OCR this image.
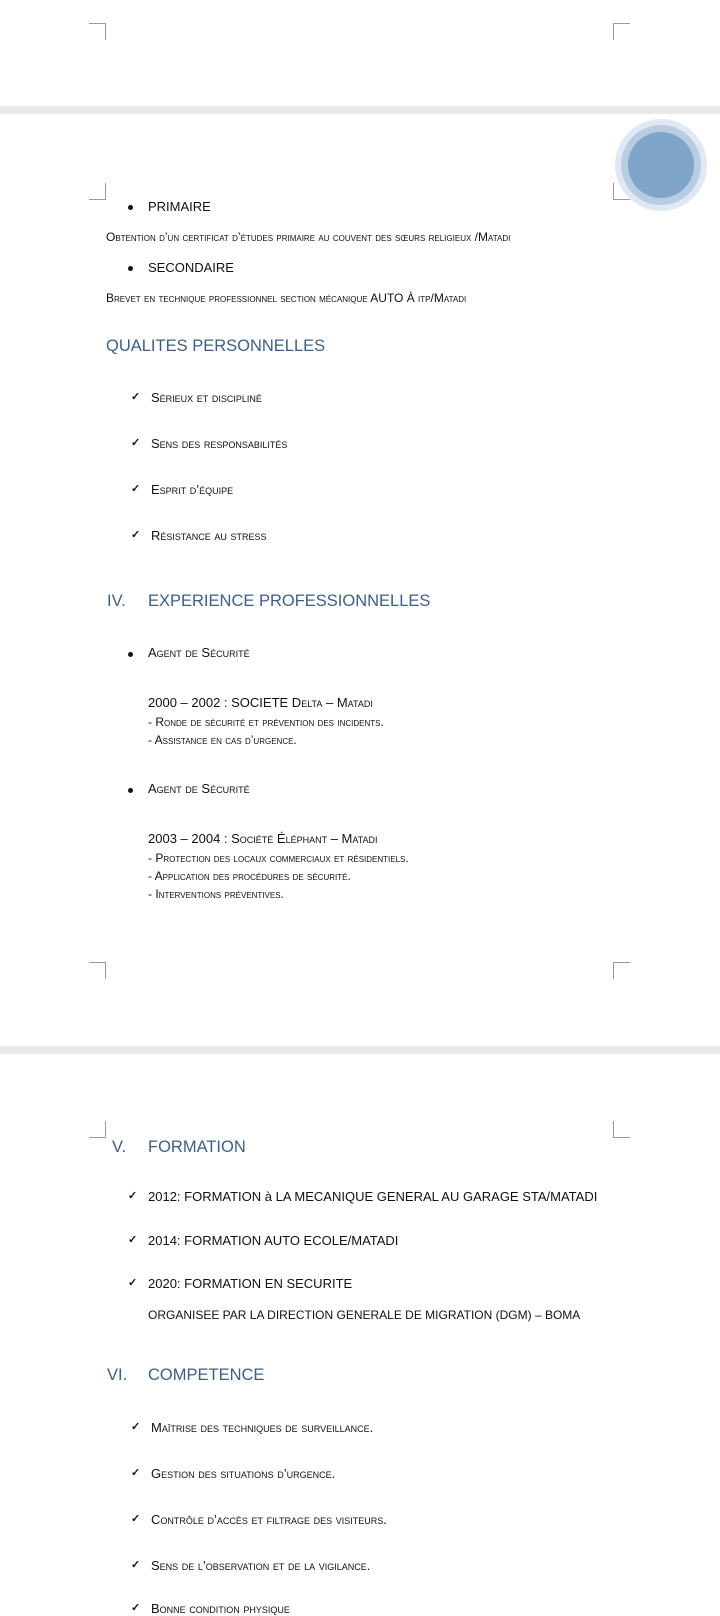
PRIMAIRE
Obtention d’un certificat d’études primaire au couvent des sœurs religieux /Matadi
SECONDAIRE
Brevet en technique professionnel section mécanique AUTO À itp/Matadi
QUALITES PERSONNELLES
✓ Sérieux et discipliné
✓ Sens des responsabilités
✓ Esprit d’équipe
✓ Résistance au stress
IV. EXPERIENCE PROFESSIONNELLES
Agent de Sécurité
2000 – 2002 : SOCIETE Delta – Matadi
- Ronde de sécurité et prévention des incidents.
- Assistance en cas d’urgence.
Agent de Sécurité
2003 – 2004 : Société Éléphant – Matadi
- Protection des locaux commerciaux et résidentiels.
- Application des procédures de sécurité.
- Interventions préventives.
V. FORMATION
✓ 2012: FORMATION à LA MECANIQUE GENERAL AU GARAGE STA/MATADI
✓ 2014: FORMATION AUTO ECOLE/MATADI
✓ 2020: FORMATION EN SECURITE
ORGANISEE PAR LA DIRECTION GENERALE DE MIGRATION (DGM) – BOMA
VI. COMPETENCE
✓ Maîtrise des techniques de surveillance.
✓ Gestion des situations d’urgence.
✓ Contrôle d’accès et filtrage des visiteurs.
✓ Sens de l’observation et de la vigilance.
✓ Bonne condition physique
